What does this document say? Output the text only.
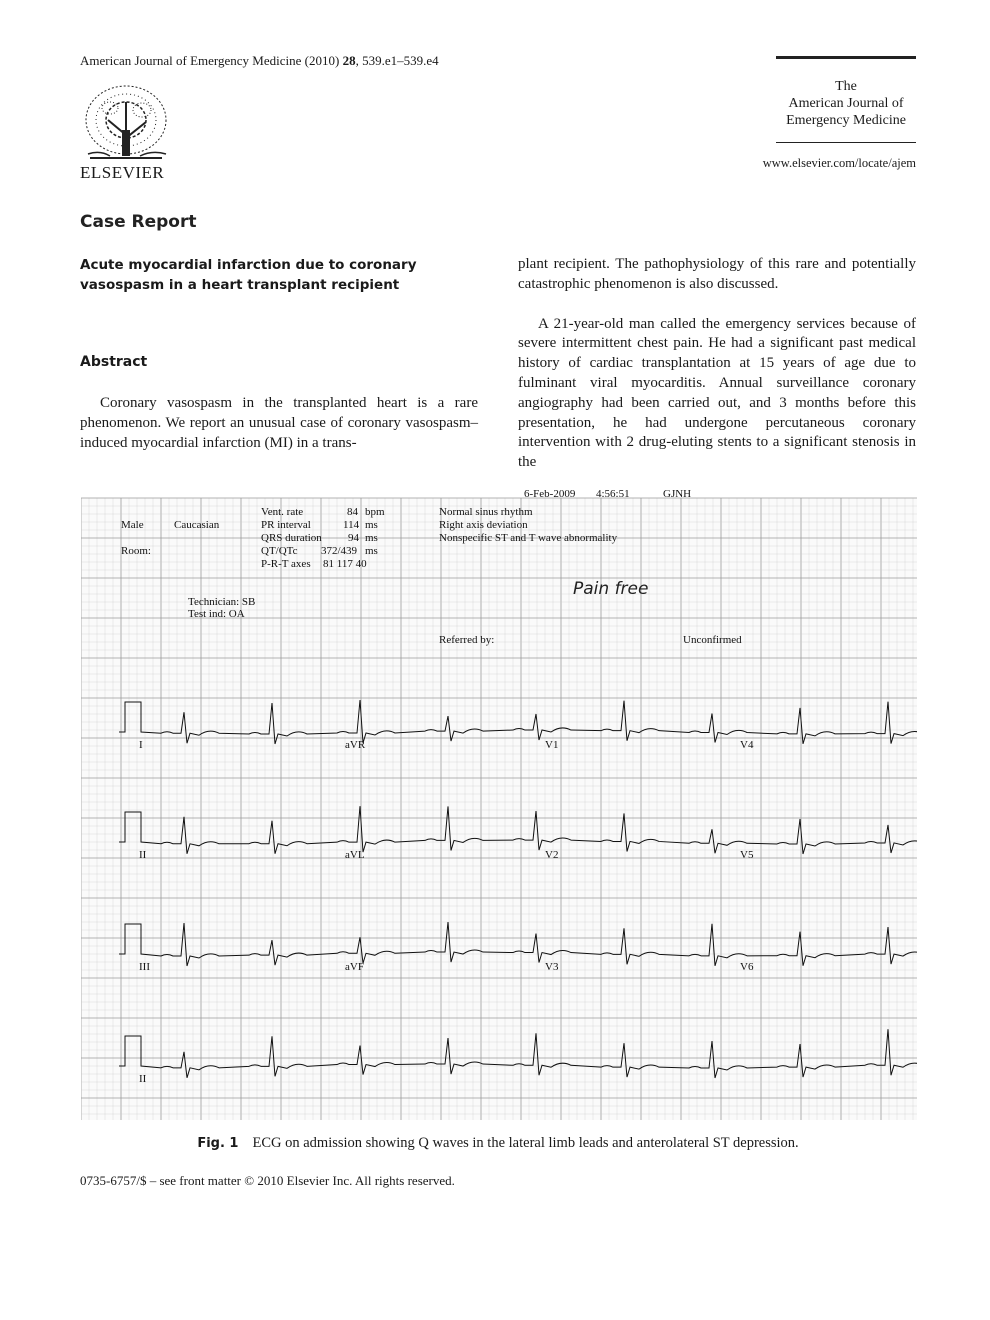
American Journal of Emergency Medicine (2010) 28, 539.e1–539.e4
ELSEVIER
The
American Journal of
Emergency Medicine
www.elsevier.com/locate/ajem
Case Report
Acute myocardial infarction due to coronary vasospasm in a heart transplant recipient
Abstract

Coronary vasospasm in the transplanted heart is a rare phenomenon. We report an unusual case of coronary vasospasm–induced myocardial infarction (MI) in a trans-

plant recipient. The pathophysiology of this rare and potentially catastrophic phenomenon is also discussed.

A 21-year-old man called the emergency services because of severe intermittent chest pain. He had a significant past medical history of cardiac transplantation at 15 years of age due to fulminant viral myocarditis. Annual surveillance coronary angiography had been carried out, and 3 months before this presentation, he had undergone percutaneous coronary intervention with 2 drug-eluting stents to a significant stenosis in the

6-Feb-2009 4:56:51	GJNH
Male	Caucasian
Room:
Vent. rate	84 bpm
PR interval	114 ms
QRS duration 94 ms
QT/QTc 372/439 ms
P-R-T axes 81 117 40
Normal sinus rhythm
Right axis deviation
Nonspecific ST and T wave abnormality
Technician: SB
Test ind: OA
Referred by:	Unconfirmed
Pain free
I	aVR	V1	V4
II	aVL	V2	V5
III	aVF	V3	V6
II
Fig. 1 ECG on admission showing Q waves in the lateral limb leads and anterolateral ST depression.
0735-6757/$ – see front matter © 2010 Elsevier Inc. All rights reserved.
